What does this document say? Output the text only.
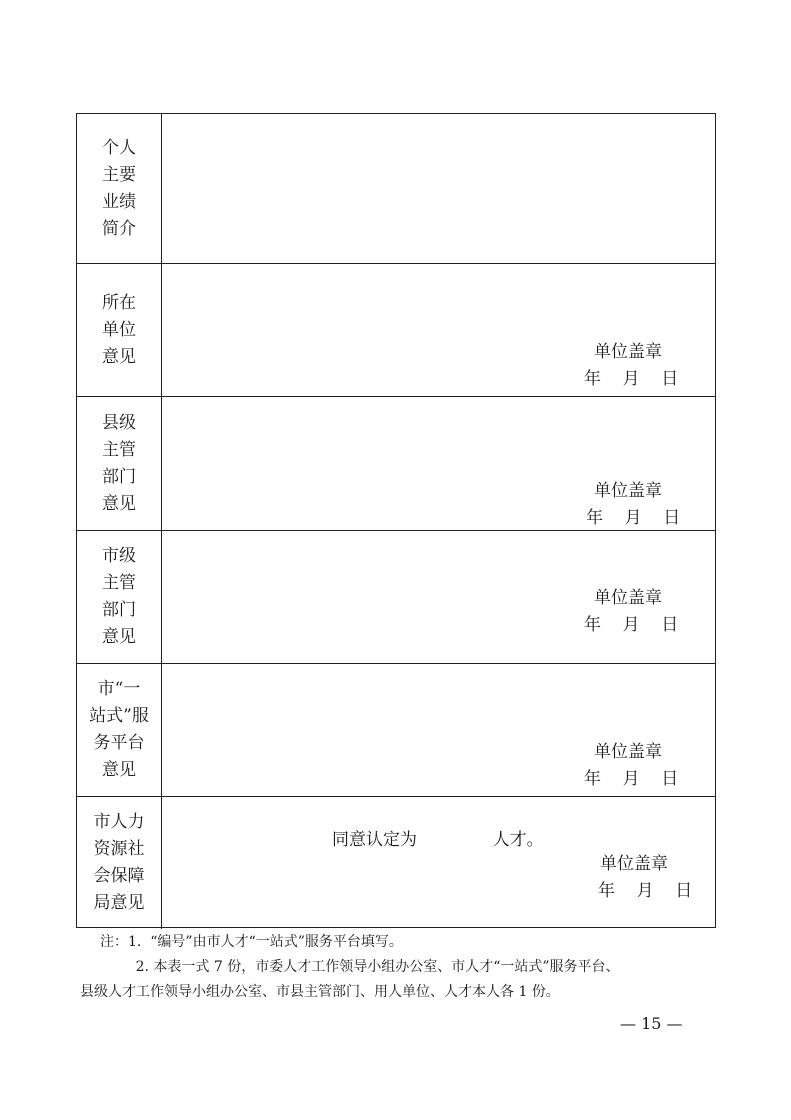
个人
主要
业绩
简介
所在
单位
意见	单位盖章
年    月    日
县级
主管
部门
意见
单位盖章
年    月    日
市级
主管
部门
意见
单位盖章
年    月    日
市“一
站式”服
务平台
意见
单位盖章
年    月    日
市人力
资源社
会保障
局意见
同意认定为              人才。
单位盖章
年    月    日

注：1.  “编号”由市人才“一站式”服务平台填写。

2. 本表一式 7 份，市委人才工作领导小组办公室、市人才“一站式”服务平台、

县级人才工作领导小组办公室、市县主管部门、用人单位、人才本人各 1 份。

— 15 —
